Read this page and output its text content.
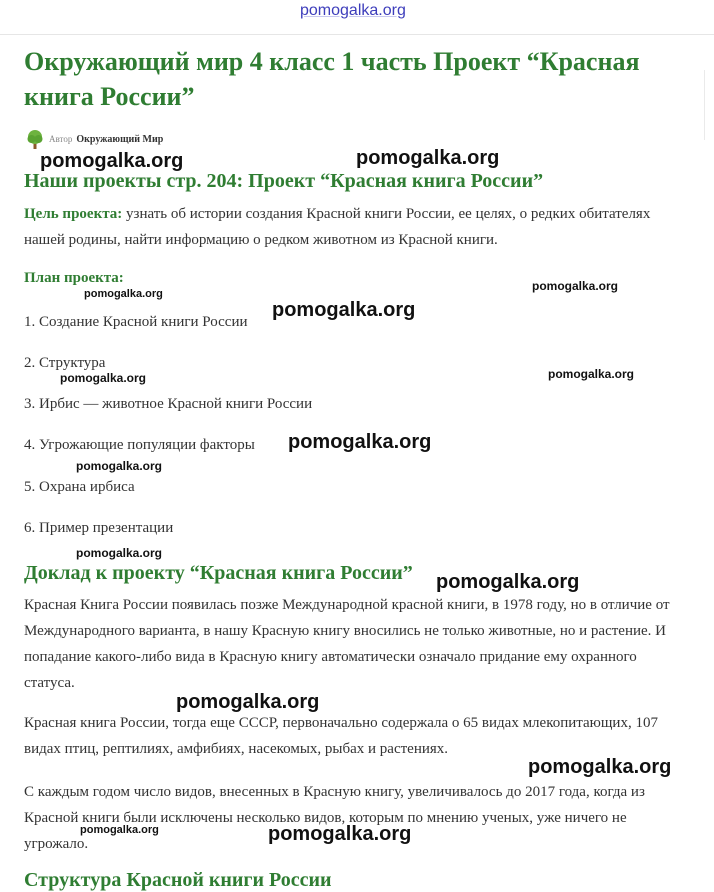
pomogalka.org
Окружающий мир 4 класс 1 часть Проект “Красная книга России”
Автор Окружающий Мир
Наши проекты стр. 204: Проект “Красная книга России”

Цель проекта: узнать об истории создания Красной книги России, ее целях, о редких обитателях нашей родины, найти информацию о редком животном из Красной книги.

План проекта:
1. Создание Красной книги России
2. Структура
3. Ирбис — животное Красной книги России
4. Угрожающие популяции факторы
5. Охрана ирбиса
6. Пример презентации
Доклад к проекту “Красная книга России”

Красная Книга России появилась позже Международной красной книги, в 1978 году, но в отличие от Международного варианта, в нашу Красную книгу вносились не только животные, но и растение. И попадание какого-либо вида в Красную книгу автоматически означало придание ему охранного статуса.

Красная книга России, тогда еще СССР, первоначально содержала о 65 видах млекопитающих, 107 видах птиц, рептилиях, амфибиях, насекомых, рыбах и растениях.

С каждым годом число видов, внесенных в Красную книгу, увеличивалось до 2017 года, когда из Красной книги были исключены несколько видов, которым по мнению ученых, уже ничего не угрожало.

Структура Красной книги России
pomogalka.org	pomogalka.org
pomogalka.org
pomogalka.org
pomogalka.org
pomogalka.org	pomogalka.org
pomogalka.org
pomogalka.org
pomogalka.org
pomogalka.org
pomogalka.org
pomogalka.org
pomogalka.org	pomogalka.org
